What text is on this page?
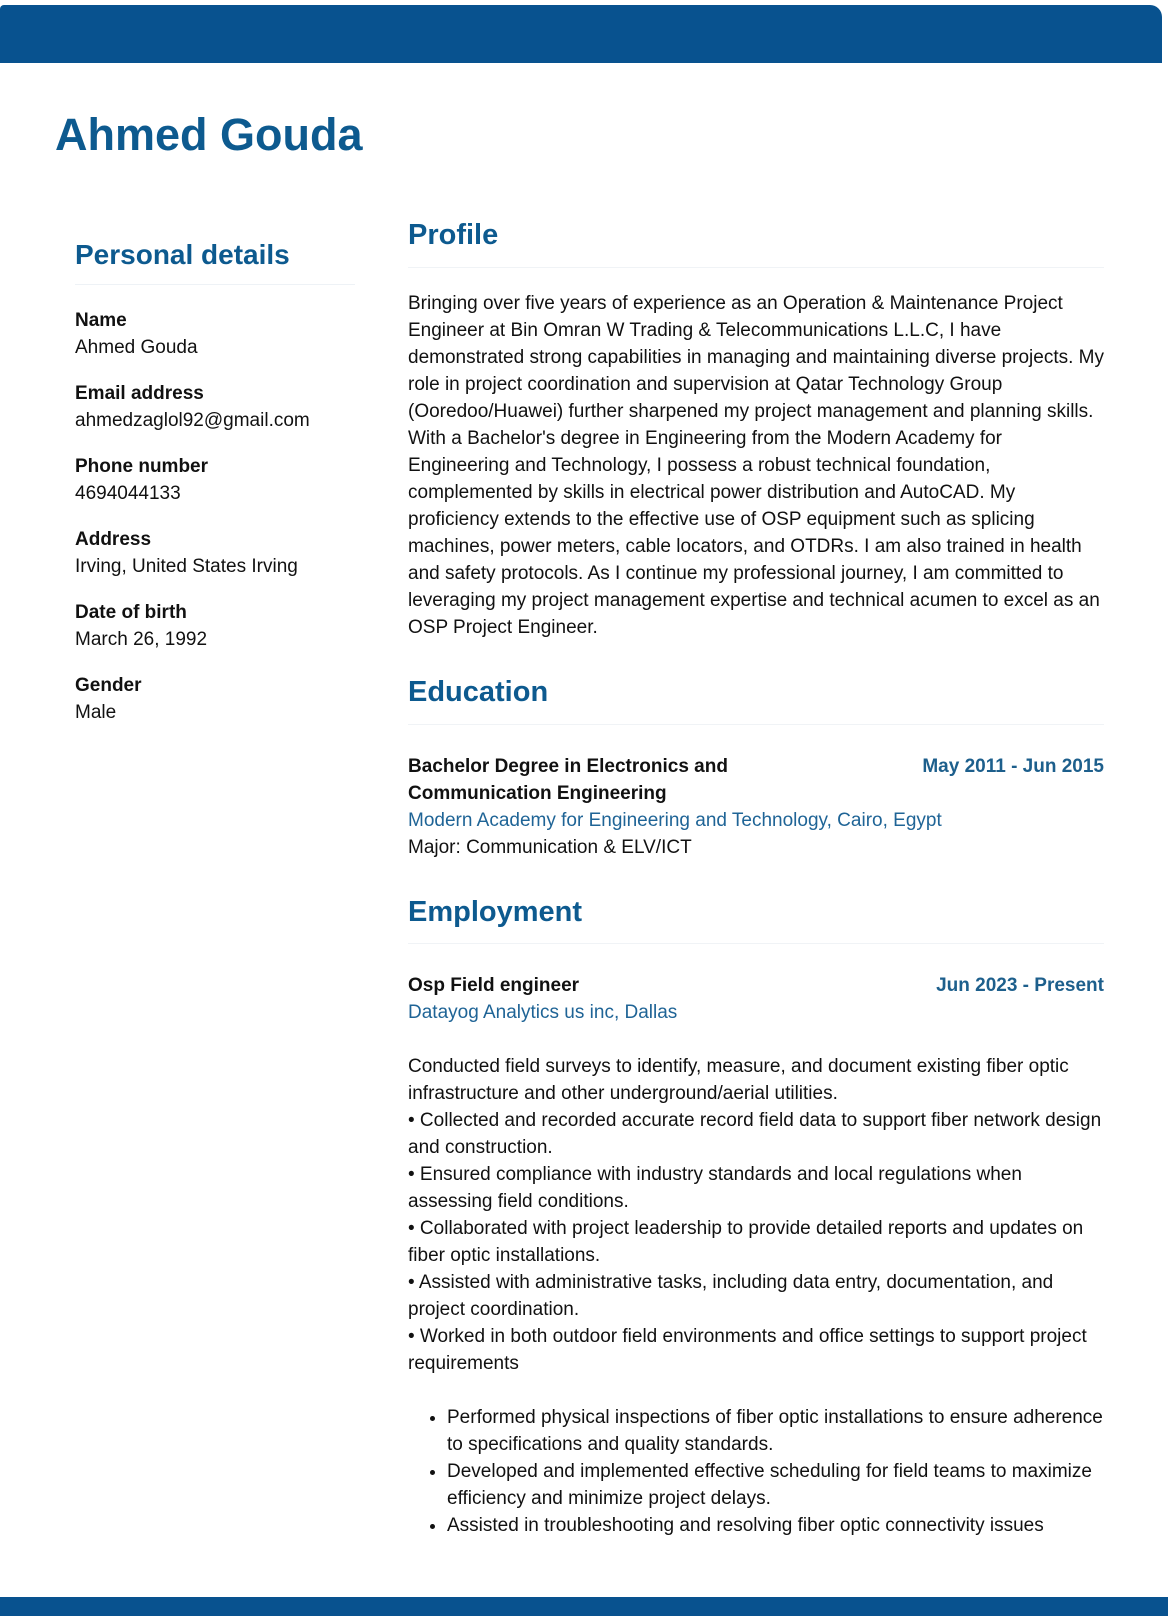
Ahmed Gouda
Personal details
Name
Ahmed Gouda
Email address
ahmedzaglol92@gmail.com
Phone number
4694044133
Address
Irving, United States Irving
Date of birth
March 26, 1992
Gender
Male
Profile

Bringing over five years of experience as an Operation & Maintenance Project Engineer at Bin Omran W Trading & Telecommunications L.L.C, I have demonstrated strong capabilities in managing and maintaining diverse projects. My role in project coordination and supervision at Qatar Technology Group (Ooredoo/Huawei) further sharpened my project management and planning skills. With a Bachelor's degree in Engineering from the Modern Academy for Engineering and Technology, I possess a robust technical foundation, complemented by skills in electrical power distribution and AutoCAD. My proficiency extends to the effective use of OSP equipment such as splicing machines, power meters, cable locators, and OTDRs. I am also trained in health and safety protocols. As I continue my professional journey, I am committed to leveraging my project management expertise and technical acumen to excel as an OSP Project Engineer.

Education
Bachelor Degree in Electronics and Communication Engineering
May 2011 - Jun 2015
Modern Academy for Engineering and Technology, Cairo, Egypt
Major: Communication & ELV/ICT
Employment
Osp Field engineer	Jun 2023 - Present
Datayog Analytics us inc, Dallas
Conducted field surveys to identify, measure, and document existing fiber optic infrastructure and other underground/aerial utilities.
• Collected and recorded accurate record field data to support fiber network design and construction.
• Ensured compliance with industry standards and local regulations when assessing field conditions.
• Collaborated with project leadership to provide detailed reports and updates on fiber optic installations.
• Assisted with administrative tasks, including data entry, documentation, and project coordination.
• Worked in both outdoor field environments and office settings to support project requirements
• Performed physical inspections of fiber optic installations to ensure adherence to specifications and quality standards.
• Developed and implemented effective scheduling for field teams to maximize efficiency and minimize project delays.
• Assisted in troubleshooting and resolving fiber optic connectivity issues
